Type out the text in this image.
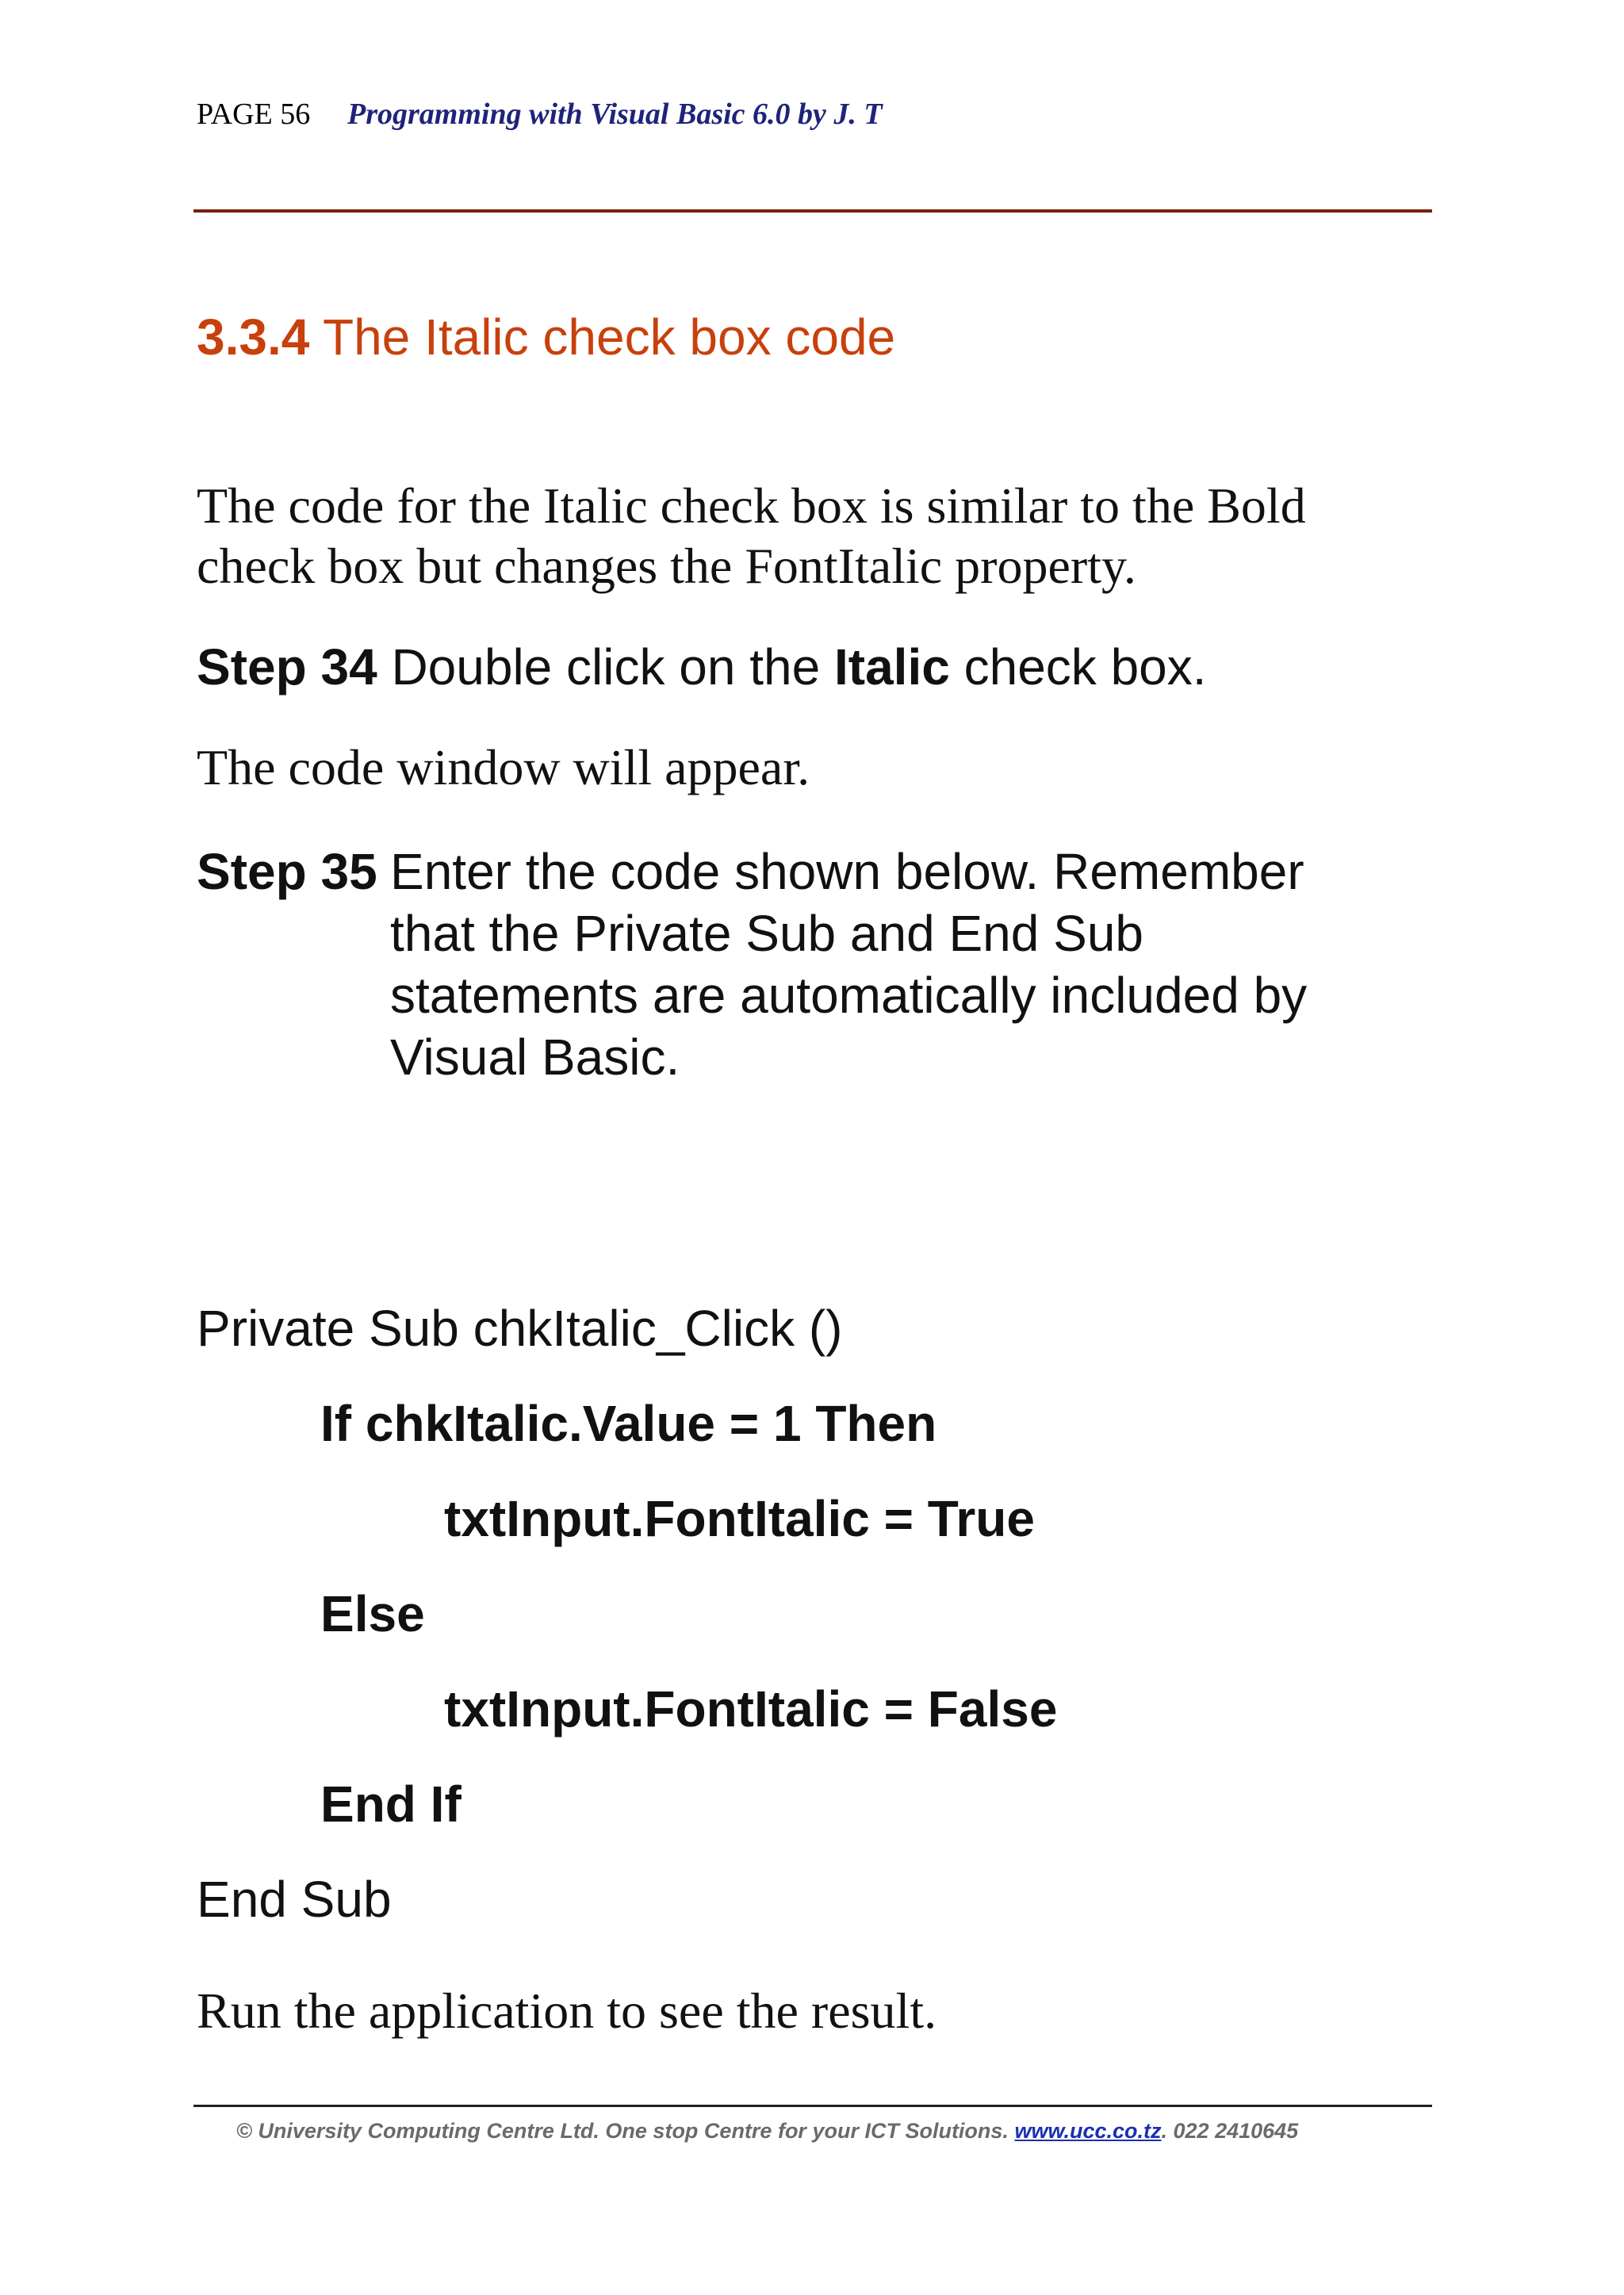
PAGE 56 Programming with Visual Basic 6.0 by J. T
3.3.4 The Italic check box code
The code for the Italic check box is similar to the Bold
check box but changes the FontItalic property.
Step 34 Double click on the Italic check box.
The code window will appear.
Step 35 Enter the code shown below. Remember
that the Private Sub and End Sub
statements are automatically included by
Visual Basic.
Private Sub chkItalic_Click ()
If chkItalic.Value = 1 Then
txtInput.FontItalic = True
Else
txtInput.FontItalic = False
End If
End Sub
Run the application to see the result.
© University Computing Centre Ltd. One stop Centre for your ICT Solutions. www.ucc.co.tz. 022 2410645
